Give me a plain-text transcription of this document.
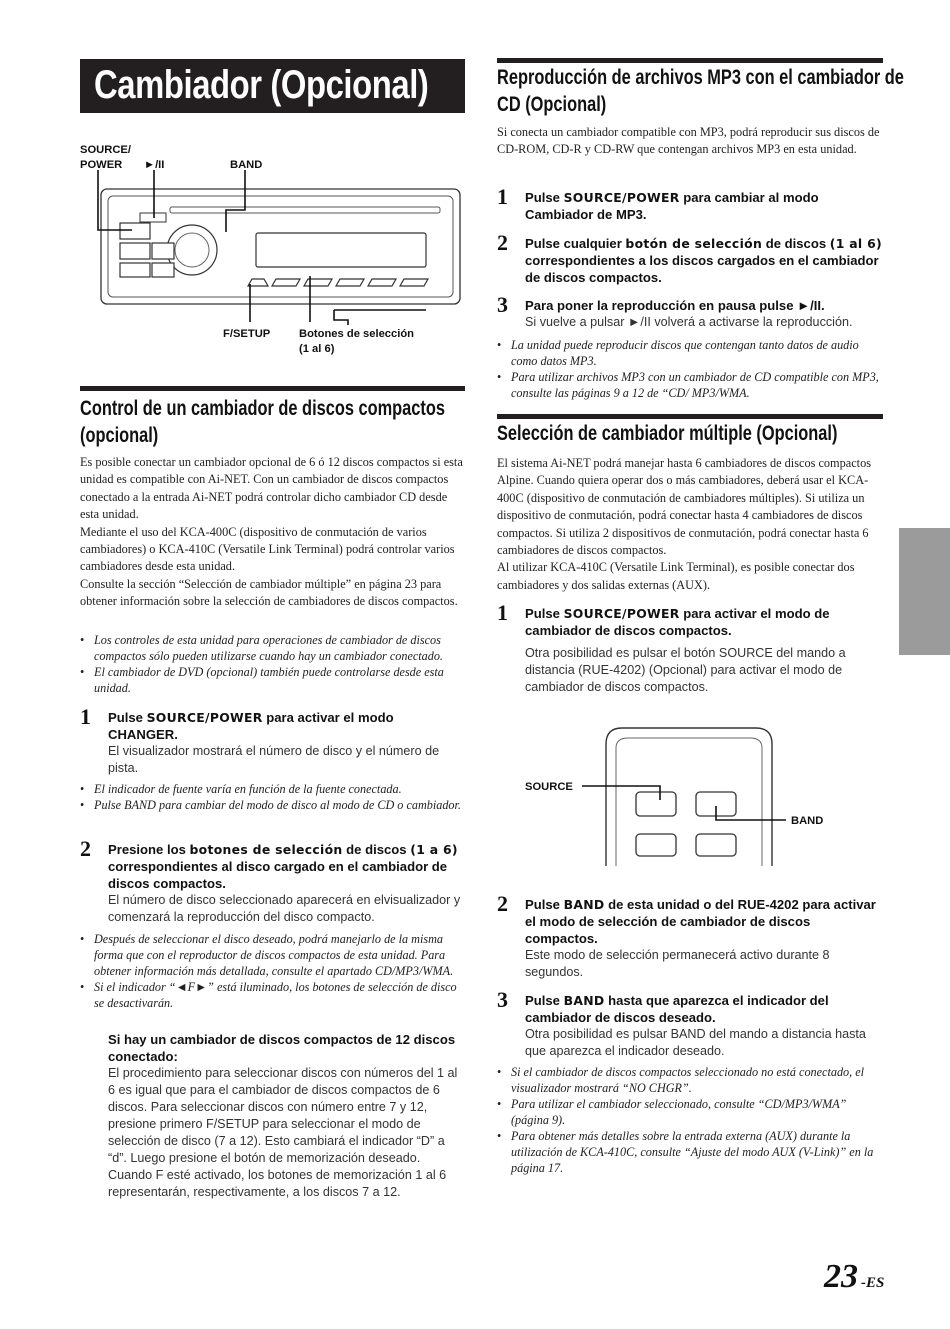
Cambiador (Opcional)
SOURCE/
POWER	►/II	BAND
F/SETUP	Botones de selección
(1 al 6)
Control de un cambiador de discos compactos (opcional)
Es posible conectar un cambiador opcional de 6 ó 12 discos compactos si esta unidad es compatible con Ai-NET. Con un cambiador de discos compactos conectado a la entrada Ai-NET podrá controlar dicho cambiador CD desde esta unidad.
Mediante el uso del KCA-400C (dispositivo de conmutación de varios cambiadores) o KCA-410C (Versatile Link Terminal) podrá controlar varios cambiadores desde esta unidad.
Consulte la sección “Selección de cambiador múltiple” en página 23 para obtener información sobre la selección de cambiadores de discos compactos.
• Los controles de esta unidad para operaciones de cambiador de discos compactos sólo pueden utilizarse cuando hay un cambiador conectado.
• El cambiador de DVD (opcional) también puede controlarse desde esta unidad.
1 Pulse SOURCE/POWER para activar el modo CHANGER.
El visualizador mostrará el número de disco y el número de pista.
• El indicador de fuente varía en función de la fuente conectada.
• Pulse BAND para cambiar del modo de disco al modo de CD o cambiador.
2 Presione los botones de selección de discos (1 a 6) correspondientes al disco cargado en el cambiador de discos compactos.
El número de disco seleccionado aparecerá en elvisualizador y comenzará la reproducción del disco compacto.
• Después de seleccionar el disco deseado, podrá manejarlo de la misma forma que con el reproductor de discos compactos de esta unidad. Para obtener información más detallada, consulte el apartado CD/MP3/WMA.
• Si el indicador “◄F►” está iluminado, los botones de selección de disco se desactivarán.
Si hay un cambiador de discos compactos de 12 discos conectado:
El procedimiento para seleccionar discos con números del 1 al 6 es igual que para el cambiador de discos compactos de 6 discos. Para seleccionar discos con número entre 7 y 12, presione primero F/SETUP para seleccionar el modo de selección de disco (7 a 12). Esto cambiará el indicador “D” a “d”. Luego presione el botón de memorización deseado. Cuando F esté activado, los botones de memorización 1 al 6 representarán, respectivamente, a los discos 7 a 12.
Reproducción de archivos MP3 con el cambiador de
CD (Opcional)
Si conecta un cambiador compatible con MP3, podrá reproducir sus discos de CD-ROM, CD-R y CD-RW que contengan archivos MP3 en esta unidad.
1 Pulse SOURCE/POWER para cambiar al modo Cambiador de MP3.
2 Pulse cualquier botón de selección de discos (1 al 6) correspondientes a los discos cargados en el cambiador de discos compactos.
3 Para poner la reproducción en pausa pulse ►/II.
Si vuelve a pulsar ►/II volverá a activarse la reproducción.
• La unidad puede reproducir discos que contengan tanto datos de audio como datos MP3.
• Para utilizar archivos MP3 con un cambiador de CD compatible con MP3, consulte las páginas 9 a 12 de “CD/ MP3/WMA.
Selección de cambiador múltiple (Opcional)
El sistema Ai-NET podrá manejar hasta 6 cambiadores de discos compactos Alpine. Cuando quiera operar dos o más cambiadores, deberá usar el KCA-400C (dispositivo de conmutación de cambiadores múltiples). Si utiliza un dispositivo de conmutación, podrá conectar hasta 4 cambiadores de discos compactos. Si utiliza 2 dispositivos de conmutación, podrá conectar hasta 6 cambiadores de discos compactos.
Al utilizar KCA-410C (Versatile Link Terminal), es posible conectar dos cambiadores y dos salidas externas (AUX).
1 Pulse SOURCE/POWER para activar el modo de cambiador de discos compactos.
Otra posibilidad es pulsar el botón SOURCE del mando a distancia (RUE-4202) (Opcional) para activar el modo de cambiador de discos compactos.
SOURCE
BAND
2 Pulse BAND de esta unidad o del RUE-4202 para activar el modo de selección de cambiador de discos compactos.
Este modo de selección permanecerá activo durante 8 segundos.
3 Pulse BAND hasta que aparezca el indicador del cambiador de discos deseado.
Otra posibilidad es pulsar BAND del mando a distancia hasta que aparezca el indicador deseado.
• Si el cambiador de discos compactos seleccionado no está conectado, el visualizador mostrará “NO CHGR”.
• Para utilizar el cambiador seleccionado, consulte “CD/MP3/WMA” (página 9).
• Para obtener más detalles sobre la entrada externa (AUX) durante la utilización de KCA-410C, consulte “Ajuste del modo AUX (V-Link)” en la página 17.
23 -ES
